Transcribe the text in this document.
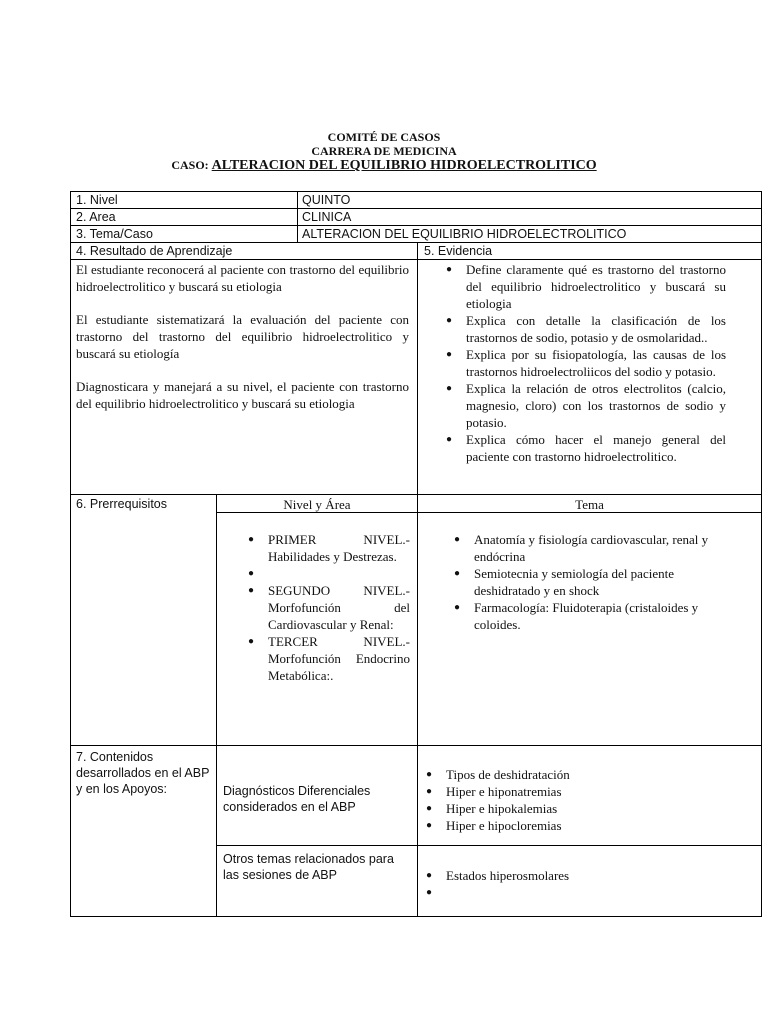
COMITÉ DE CASOS
CARRERA DE MEDICINA
CASO: ALTERACION DEL EQUILIBRIO HIDROELECTROLITICO
1. Nivel	QUINTO
2. Area	CLINICA
3. Tema/Caso	ALTERACION DEL EQUILIBRIO HIDROELECTROLITICO
4. Resultado de Aprendizaje
El estudiante reconocerá al paciente con trastorno del equilibrio hidroelectrolitico y buscará su etiologia
El estudiante sistematizará la evaluación del paciente con trastorno del trastorno del equilibrio hidroelectrolitico y buscará su etiología
Diagnosticara y manejará a su nivel, el paciente con trastorno del equilibrio hidroelectrolitico y buscará su etiologia
5. Evidencia
● Define claramente qué es trastorno del trastorno del equilibrio hidroelectrolitico y buscará su etiologia
● Explica con detalle la clasificación de los trastornos de sodio, potasio y de osmolaridad..
● Explica por su fisiopatología, las causas de los trastornos hidroelectroliicos del sodio y potasio.
● Explica la relación de otros electrolitos (calcio, magnesio, cloro) con los trastornos de sodio y potasio.
● Explica cómo hacer el manejo general del paciente con trastorno hidroelectrolitico.
6. Prerrequisitos	Nivel y Área	Tema
● PRIMER NIVEL.- Habilidades y Destrezas.
●
● SEGUNDO NIVEL.- Morfofunción del Cardiovascular y Renal:
● TERCER NIVEL.- Morfofunción Endocrino Metabólica:.
● Anatomía y fisiología cardiovascular, renal y endócrina
● Semiotecnia y semiología del paciente deshidratado y en shock
● Farmacología: Fluidoterapia (cristaloides y coloides.
7. Contenidos desarrollados en el ABP y en los Apoyos:	Diagnósticos Diferenciales considerados en el ABP
● Tipos de deshidratación
● Hiper e hiponatremias
● Hiper e hipokalemias
● Hiper e hipocloremias
Otros temas relacionados para las sesiones de ABP
●	Estados hiperosmolares
●
